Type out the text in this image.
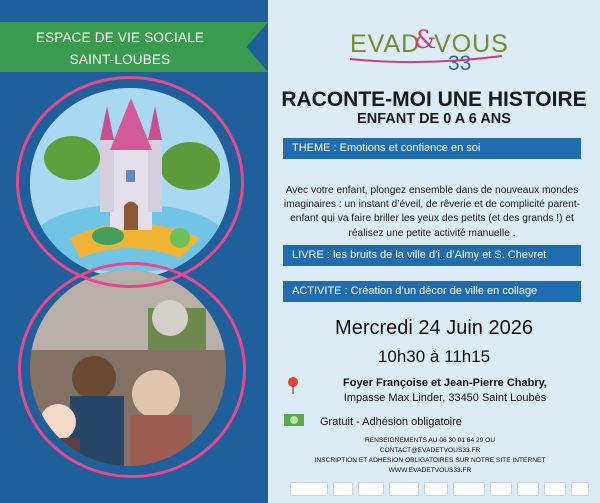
ESPACE DE VIE SOCIALE
SAINT-LOUBES
EVAD
&
VOUS
33
RACONTE-MOI UNE HISTOIRE
ENFANT DE 0 A 6 ANS
THEME : Emotions et confiance en soi
Avec votre enfant, plongez ensemble dans de nouveaux mondes imaginaires : un instant d’éveil, de rêverie et de complicité parent-enfant qui va faire briller les yeux des petits (et des grands !) et réalisez une petite activité manuelle .
LIVRE : les bruits de la ville d’i. d’Almy et S. Chevret
ACTIVITE : Création d’un décor de ville en collage
Mercredi 24 Juin 2026
10h30 à 11h15
Foyer Françoise et Jean-Pierre Chabry,
Impasse Max Linder, 33450 Saint Loubès
Gratuit - Adhésion obligatoire
RENSEIGNEMENTS AU 06 30 01 64 29 OU
CONTACT@EVADETVOUS33.FR
INSCRIPTION ET ADHESION OBLIGATOIRES SUR NOTRE SITE INTERNET
WWW.EVADETVOUS33.FR
